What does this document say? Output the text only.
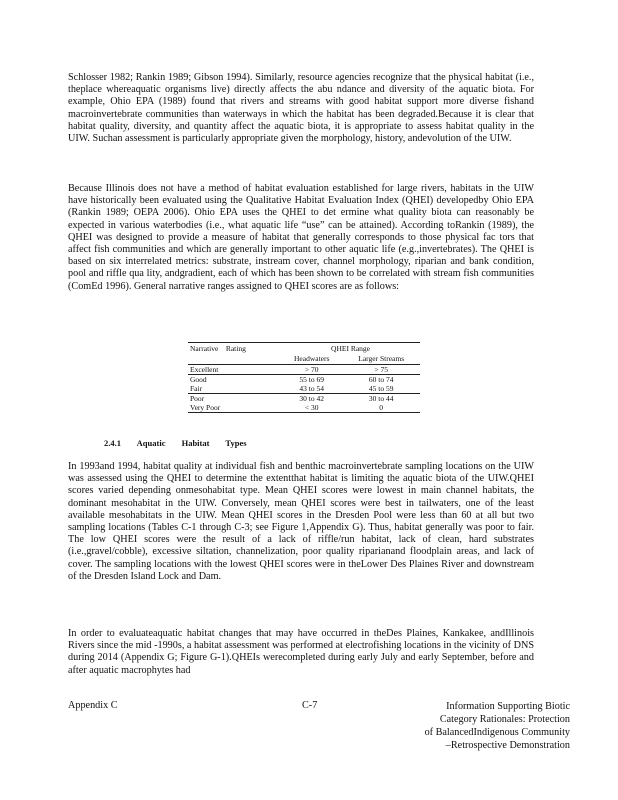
Schlosser 1982; Rankin 1989; Gibson 1994). Similarly, resource agencies recognize that the physical habitat (i.e., theplace whereaquatic organisms live) directly affects the abu ndance and diversity of the aquatic biota. For example, Ohio EPA (1989) found that rivers and streams with good habitat support more diverse fishand macroinvertebrate communities than waterways in which the habitat has been degraded.Because it is clear that habitat quality, diversity, and quantity affect the aquatic biota, it is appropriate to assess habitat quality in the UIW. Suchan assessment is particularly appropriate given the morphology, history, andevolution of the UIW.

Because Illinois does not have a method of habitat evaluation established for large rivers, habitats in the UIW have historically been evaluated using the Qualitative Habitat Evaluation Index (QHEI) developedby Ohio EPA (Rankin 1989; OEPA 2006). Ohio EPA uses the QHEI to det ermine what quality biota can reasonably be expected in various waterbodies (i.e., what aquatic life “use” can be attained). According toRankin (1989), the QHEI was designed to provide a measure of habitat that generally corresponds to those physical fac tors that affect fish communities and which are generally important to other aquatic life (e.g.,invertebrates). The QHEI is based on six interrelated metrics: substrate, instream cover, channel morphology, riparian and bank condition, pool and riffle qua lity, andgradient, each of which has been shown to be correlated with stream fish communities (ComEd 1996). General narrative ranges assigned to QHEI scores are as follows:

Narrative Rating	QHEI Range	
	Headwaters	Larger Streams
Excellent	> 70	> 75
Good	55 to 69	60 to 74
Fair	43 to 54	45 to 59
Poor	30 to 42	30 to 44
Very Poor	< 30	0

2.4.1 Aquatic Habitat Types

In 1993and 1994, habitat quality at individual fish and benthic macroinvertebrate sampling locations on the UIW was assessed using the QHEI to determine the extentthat habitat is limiting the aquatic biota of the UIW.QHEI scores varied depending onmesohabitat type. Mean QHEI scores were lowest in main channel habitats, the dominant mesohabitat in the UIW. Conversely, mean QHEI scores were best in tailwaters, one of the least available mesohabitats in the UIW. Mean QHEI scores in the Dresden Pool were less than 60 at all but two sampling locations (Tables C-1 through C-3; see Figure 1,Appendix G). Thus, habitat generally was poor to fair. The low QHEI scores were the result of a lack of riffle/run habitat, lack of clean, hard substrates (i.e.,gravel/cobble), excessive siltation, channelization, poor quality riparianand floodplain areas, and lack of cover. The sampling locations with the lowest QHEI scores were in theLower Des Plaines River and downstream of the Dresden Island Lock and Dam.

In order to evaluateaquatic habitat changes that may have occurred in theDes Plaines, Kankakee, andIllinois Rivers since the mid -1990s, a habitat assessment was performed at electrofishing locations in the vicinity of DNS during 2014 (Appendix G; Figure G-1).QHEIs werecompleted during early July and early September, before and after aquatic macrophytes had

Appendix C	C-7	Information Supporting Biotic
Category Rationales: Protection
of BalancedIndigenous Community
–Retrospective Demonstration
